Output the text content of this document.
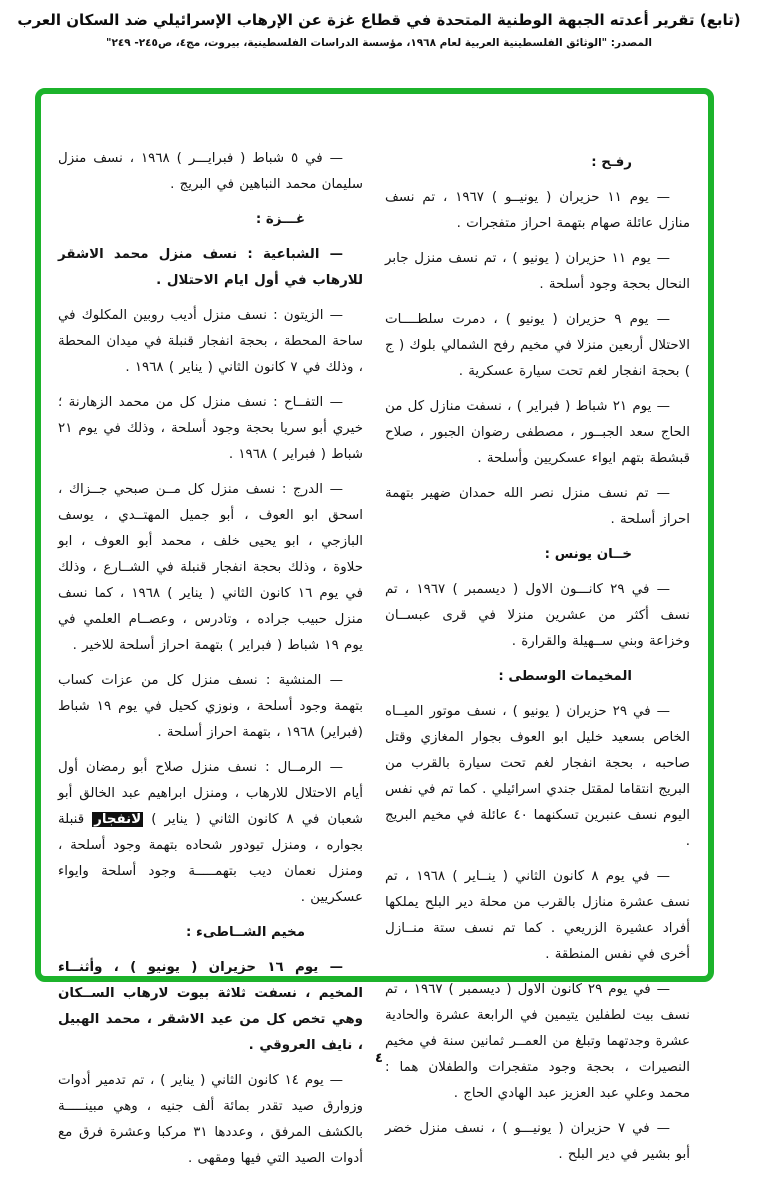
(تابع) تقرير أعدته الجبهة الوطنية المتحدة في قطاع غزة عن الإرهاب الإسرائيلي ضد السكان العرب
المصدر: "الوثائق الفلسطينية العربية لعام ١٩٦٨، مؤسسة الدراسات الفلسطينية، بيروت، مج٤، ص٢٤٥- ٢٤٩"
رفـح :
— يوم ١١ حزيران ( يونيــو ) ١٩٦٧ ، تم نسف منازل عائلة صهام بتهمة احراز متفجرات .
— يوم ١١ حزيران ( يونيو ) ، تم نسف منزل جابر النحال بحجة وجود أسلحة .
— يوم ٩ حزيران ( يونيو ) ، دمرت سلطــــات الاحتلال أربعين منزلا في مخيم رفح الشمالي بلوك ( ج ) بحجة انفجار لغم تحت سيارة عسكرية .
— يوم ٢١ شباط ( فبراير ) ، نسفت منازل كل من الحاج سعد الجبــور ، مصطفى رضوان الجبور ، صلاح قبشطة بتهم ايواء عسكريين وأسلحة .
— تم نسف منزل نصر الله حمدان ضهير بتهمة احراز أسلحة .
خــان يونس :
— في ٢٩ كانـــون الاول ( ديسمبر ) ١٩٦٧ ، تم نسف أكثر من عشرين منزلا في قرى عبســان وخزاعة وبني ســهيلة والقرارة .
المخيمات الوسطى :
— في ٢٩ حزيران ( يونيو ) ، نسف موتور الميــاه الخاص بسعيد خليل ابو العوف بجوار المغازي وقتل صاحبه ، بحجة انفجار لغم تحت سيارة بالقرب من البريج انتقاما لمقتل جندي اسرائيلي . كما تم في نفس اليوم نسف عنبرين تسكنهما ٤٠ عائلة في مخيم البريج .
— في يوم ٨ كانون الثاني ( ينــاير ) ١٩٦٨ ، تم نسف عشرة منازل بالقرب من محلة دير البلح يملكها أفراد عشيرة الزريعي . كما تم نسف ستة منــازل أخرى في نفس المنطقة .
— في يوم ٢٩ كانون الاول ( ديسمبر ) ١٩٦٧ ، تم نسف بيت لطفلين يتيمين في الرابعة عشرة والحادية عشرة وجدتهما وتبلغ من العمــر ثمانين سنة في مخيم النصيرات ، بحجة وجود متفجرات والطفلان هما : محمد وعلي عبد العزيز عبد الهادي الحاج .
— في ٧ حزيران ( يونيـــو ) ، نسف منزل خضر أبو بشير في دير البلح .
— في ٥ شباط ( فبرايـــر ) ١٩٦٨ ، نسف منزل سليمان محمد النباهين في البريج .
غـــزة :
— الشباعية : نسف منزل محمد الاشقر للارهاب في أول ايام الاحتلال .
— الزيتون : نسف منزل أديب روبين المكلوك في ساحة المحطة ، بحجة انفجار قنبلة في ميدان المحطة ، وذلك في ٧ كانون الثاني ( يناير ) ١٩٦٨ .
— التفــاح : نسف منزل كل من محمد الزهارنة ؛ خيري أبو سريا بحجة وجود أسلحة ، وذلك في يوم ٢١ شباط ( فبراير ) ١٩٦٨ .
— الدرج : نسف منزل كل مــن صبحي جــزاك ، اسحق ابو العوف ، أبو جميل المهتــدي ، يوسف البازجي ، ابو يحيى خلف ، محمد أبو العوف ، ابو حلاوة ، وذلك بحجة انفجار قنبلة في الشــارع ، وذلك في يوم ١٦ كانون الثاني ( يناير ) ١٩٦٨ ، كما نسف منزل حبيب جراده ، وتادرس ، وعصــام العلمي في يوم ١٩ شباط ( فبراير ) بتهمة احراز أسلحة للاخير .
— المنشية : نسف منزل كل من عزات كساب بتهمة وجود أسلحة ، ونوزي كحيل في يوم ١٩ شباط (فبراير) ١٩٦٨ ، بتهمة احراز أسلحة .
— الرمــال : نسف منزل صلاح أبو رمضان أول أيام الاحتلال للارهاب ، ومنزل ابراهيم عبد الخالق أبو شعبان في ٨ كانون الثاني ( يناير ) لانفجار قنبلة بجواره ، ومنزل تيودور شحاده بتهمة وجود أسلحة ، ومنزل نعمان ديب بتهمـــــة وجود أسلحة وايواء عسكريين .
مخيم الشــاطىء :
— يوم ١٦ حزيران ( يونيو ) ، وأثنــاء المخيم ، نسفت ثلاثة بيوت لارهاب الســكان وهي تخص كل من عيد الاشقر ، محمد الهبيل ، نايف العروقي .
— يوم ١٤ كانون الثاني ( يناير ) ، تم تدمير أدوات وزوارق صيد تقدر بمائة ألف جنيه ، وهي مبينـــــة بالكشف المرفق ، وعددها ٣١ مركبا وعشرة فرق مع أدوات الصيد التي فيها ومقهى .
٤
